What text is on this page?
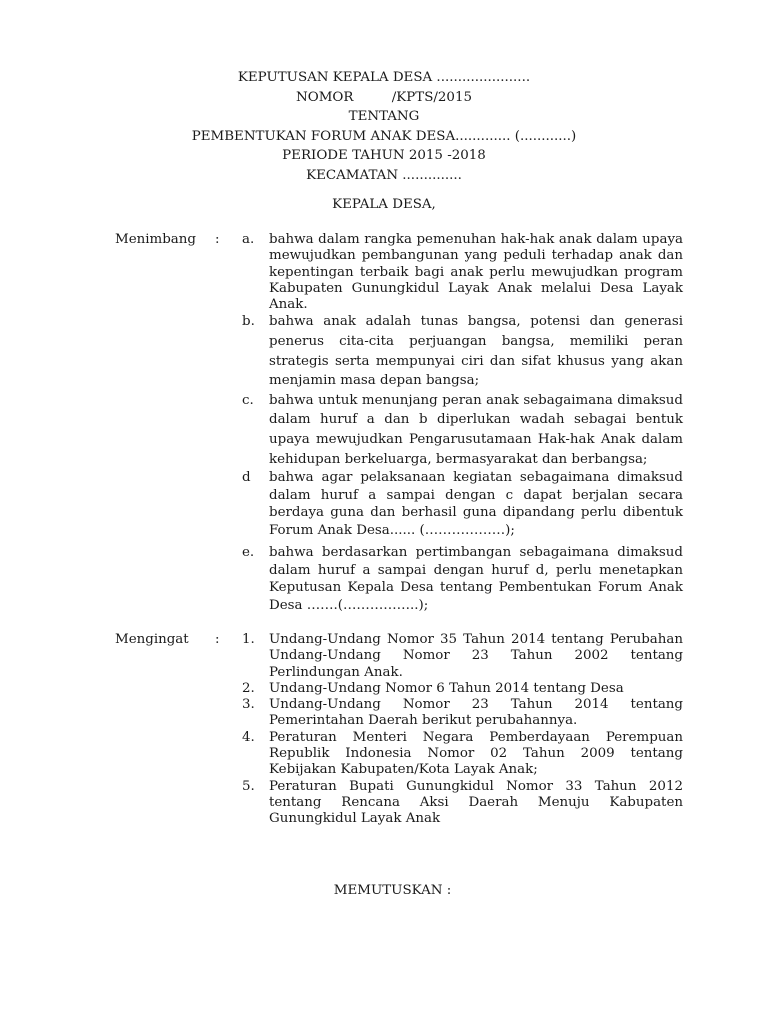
KEPUTUSAN KEPALA DESA ......................
NOMOR         /KPTS/2015
TENTANG
PEMBENTUKAN FORUM ANAK DESA............. (............)
PERIODE TAHUN 2015 -2018
KECAMATAN ..............
KEPALA DESA,
Menimbang : a. bahwa dalam rangka pemenuhan hak-hak anak dalam upaya mewujudkan pembangunan yang peduli terhadap anak dan kepentingan terbaik bagi anak perlu mewujudkan program Kabupaten Gunungkidul Layak Anak melalui Desa Layak Anak.
b. bahwa anak adalah tunas bangsa, potensi dan generasi penerus cita-cita perjuangan bangsa, memiliki peran strategis serta mempunyai ciri dan sifat khusus yang akan menjamin masa depan bangsa;
c. bahwa untuk menunjang peran anak sebagaimana dimaksud dalam huruf a dan b diperlukan wadah sebagai bentuk upaya mewujudkan Pengarusutamaan Hak-hak Anak dalam kehidupan berkeluarga, bermasyarakat dan berbangsa;
d bahwa agar pelaksanaan kegiatan sebagaimana dimaksud dalam huruf a sampai dengan c dapat berjalan secara berdaya guna dan berhasil guna dipandang perlu dibentuk Forum Anak Desa...... (………………);
e. bahwa berdasarkan pertimbangan sebagaimana dimaksud dalam huruf a sampai dengan huruf d, perlu menetapkan Keputusan Kepala Desa tentang Pembentukan Forum Anak Desa …….(……………..);
Mengingat : 1. Undang-Undang Nomor 35 Tahun 2014 tentang Perubahan Undang-Undang Nomor 23 Tahun 2002 tentang Perlindungan Anak.
2. Undang-Undang Nomor 6 Tahun 2014 tentang Desa
3. Undang-Undang Nomor 23 Tahun 2014 tentang Pemerintahan Daerah berikut perubahannya.
4. Peraturan Menteri Negara Pemberdayaan Perempuan Republik Indonesia Nomor 02 Tahun 2009 tentang Kebijakan Kabupaten/Kota Layak Anak;
5. Peraturan Bupati Gunungkidul Nomor 33 Tahun 2012 tentang Rencana Aksi Daerah Menuju Kabupaten Gunungkidul Layak Anak
MEMUTUSKAN :
